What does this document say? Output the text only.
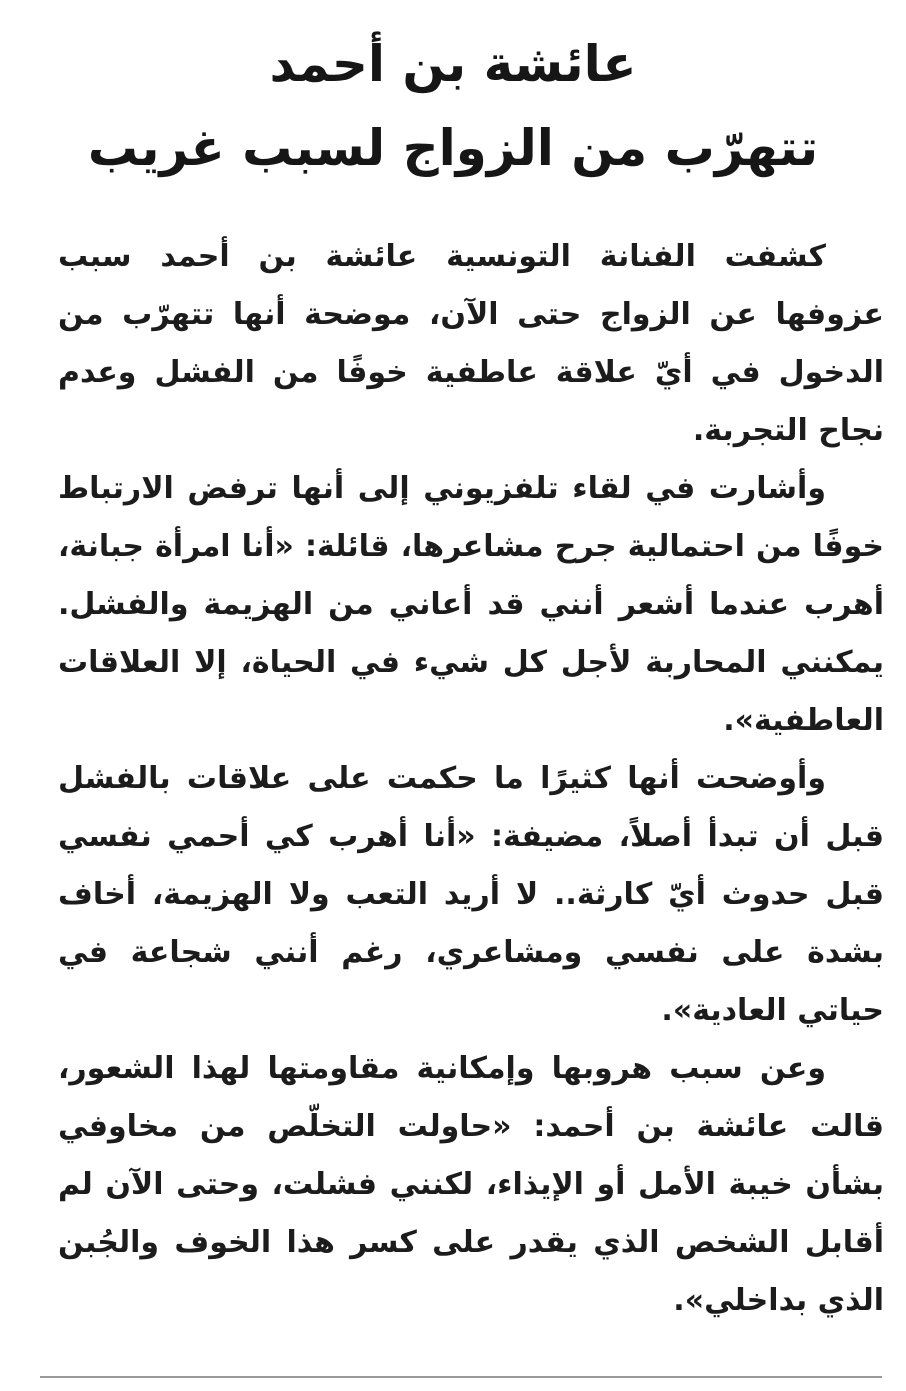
عائشة بن أحمد
تتهرّب من الزواج لسبب غريب

كشفت الفنانة التونسية عائشة بن أحمد سبب عزوفها عن الزواج حتى الآن، موضحة أنها تتهرّب من الدخول في أيّ علاقة عاطفية خوفًا من الفشل وعدم نجاح التجربة.

وأشارت في لقاء تلفزيوني إلى أنها ترفض الارتباط خوفًا من احتمالية جرح مشاعرها، قائلة: «أنا امرأة جبانة، أهرب عندما أشعر أنني قد أعاني من الهزيمة والفشل. يمكنني المحاربة لأجل كل شيء في الحياة، إلا العلاقات العاطفية».

وأوضحت أنها كثيرًا ما حكمت على علاقات بالفشل قبل أن تبدأ أصلاً، مضيفة: «أنا أهرب كي أحمي نفسي قبل حدوث أيّ كارثة.. لا أريد التعب ولا الهزيمة، أخاف بشدة على نفسي ومشاعري، رغم أنني شجاعة في حياتي العادية».

وعن سبب هروبها وإمكانية مقاومتها لهذا الشعور، قالت عائشة بن أحمد: «حاولت التخلّص من مخاوفي بشأن خيبة الأمل أو الإيذاء، لكنني فشلت، وحتى الآن لم أقابل الشخص الذي يقدر على كسر هذا الخوف والجُبن الذي بداخلي».
